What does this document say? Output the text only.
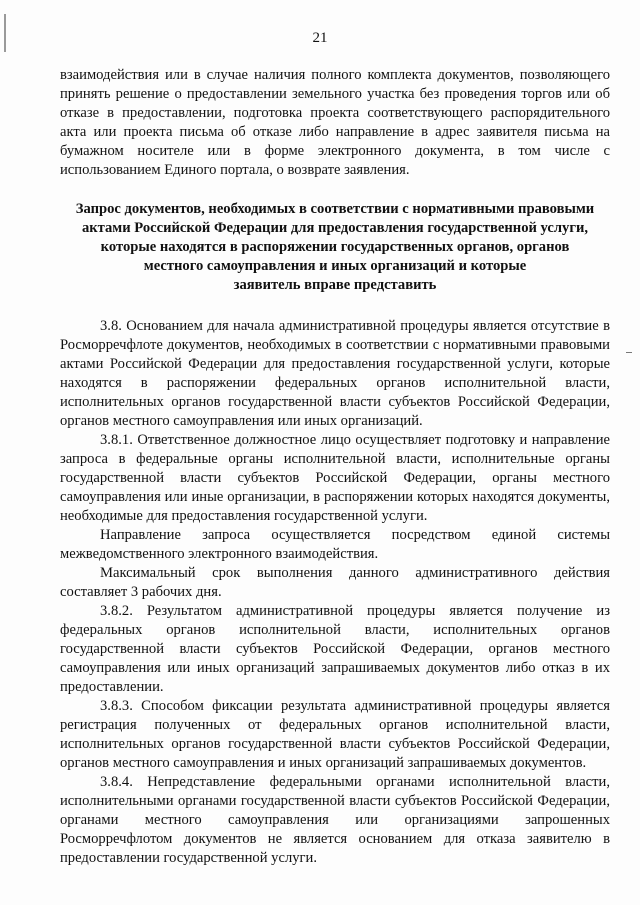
21

взаимодействия или в случае наличия полного комплекта документов, позволяющего принять решение о предоставлении земельного участка без проведения торгов или об отказе в предоставлении, подготовка проекта соответствующего распорядительного акта или проекта письма об отказе либо направление в адрес заявителя письма на бумажном носителе или в форме электронного документа, в том числе с использованием Единого портала, о возврате заявления.

Запрос документов, необходимых в соответствии с нормативными правовыми
актами Российской Федерации для предоставления государственной услуги,
которые находятся в распоряжении государственных органов, органов
местного самоуправления и иных организаций и которые
заявитель вправе представить

3.8. Основанием для начала административной процедуры является отсутствие в Росморречфлоте документов, необходимых в соответствии с нормативными правовыми актами Российской Федерации для предоставления государственной услуги, которые находятся в распоряжении федеральных органов исполнительной власти, исполнительных органов государственной власти субъектов Российской Федерации, органов местного самоуправления или иных организаций.

3.8.1. Ответственное должностное лицо осуществляет подготовку и направление запроса в федеральные органы исполнительной власти, исполнительные органы государственной власти субъектов Российской Федерации, органы местного самоуправления или иные организации, в распоряжении которых находятся документы, необходимые для предоставления государственной услуги.

Направление запроса осуществляется посредством единой системы межведомственного электронного взаимодействия.

Максимальный срок выполнения данного административного действия составляет 3 рабочих дня.

3.8.2. Результатом административной процедуры является получение из федеральных органов исполнительной власти, исполнительных органов государственной власти субъектов Российской Федерации, органов местного самоуправления или иных организаций запрашиваемых документов либо отказ в их предоставлении.

3.8.3. Способом фиксации результата административной процедуры является регистрация полученных от федеральных органов исполнительной власти, исполнительных органов государственной власти субъектов Российской Федерации, органов местного самоуправления и иных организаций запрашиваемых документов.

3.8.4. Непредставление федеральными органами исполнительной власти, исполнительными органами государственной власти субъектов Российской Федерации, органами местного самоуправления или организациями запрошенных Росморречфлотом документов не является основанием для отказа заявителю в предоставлении государственной услуги.
